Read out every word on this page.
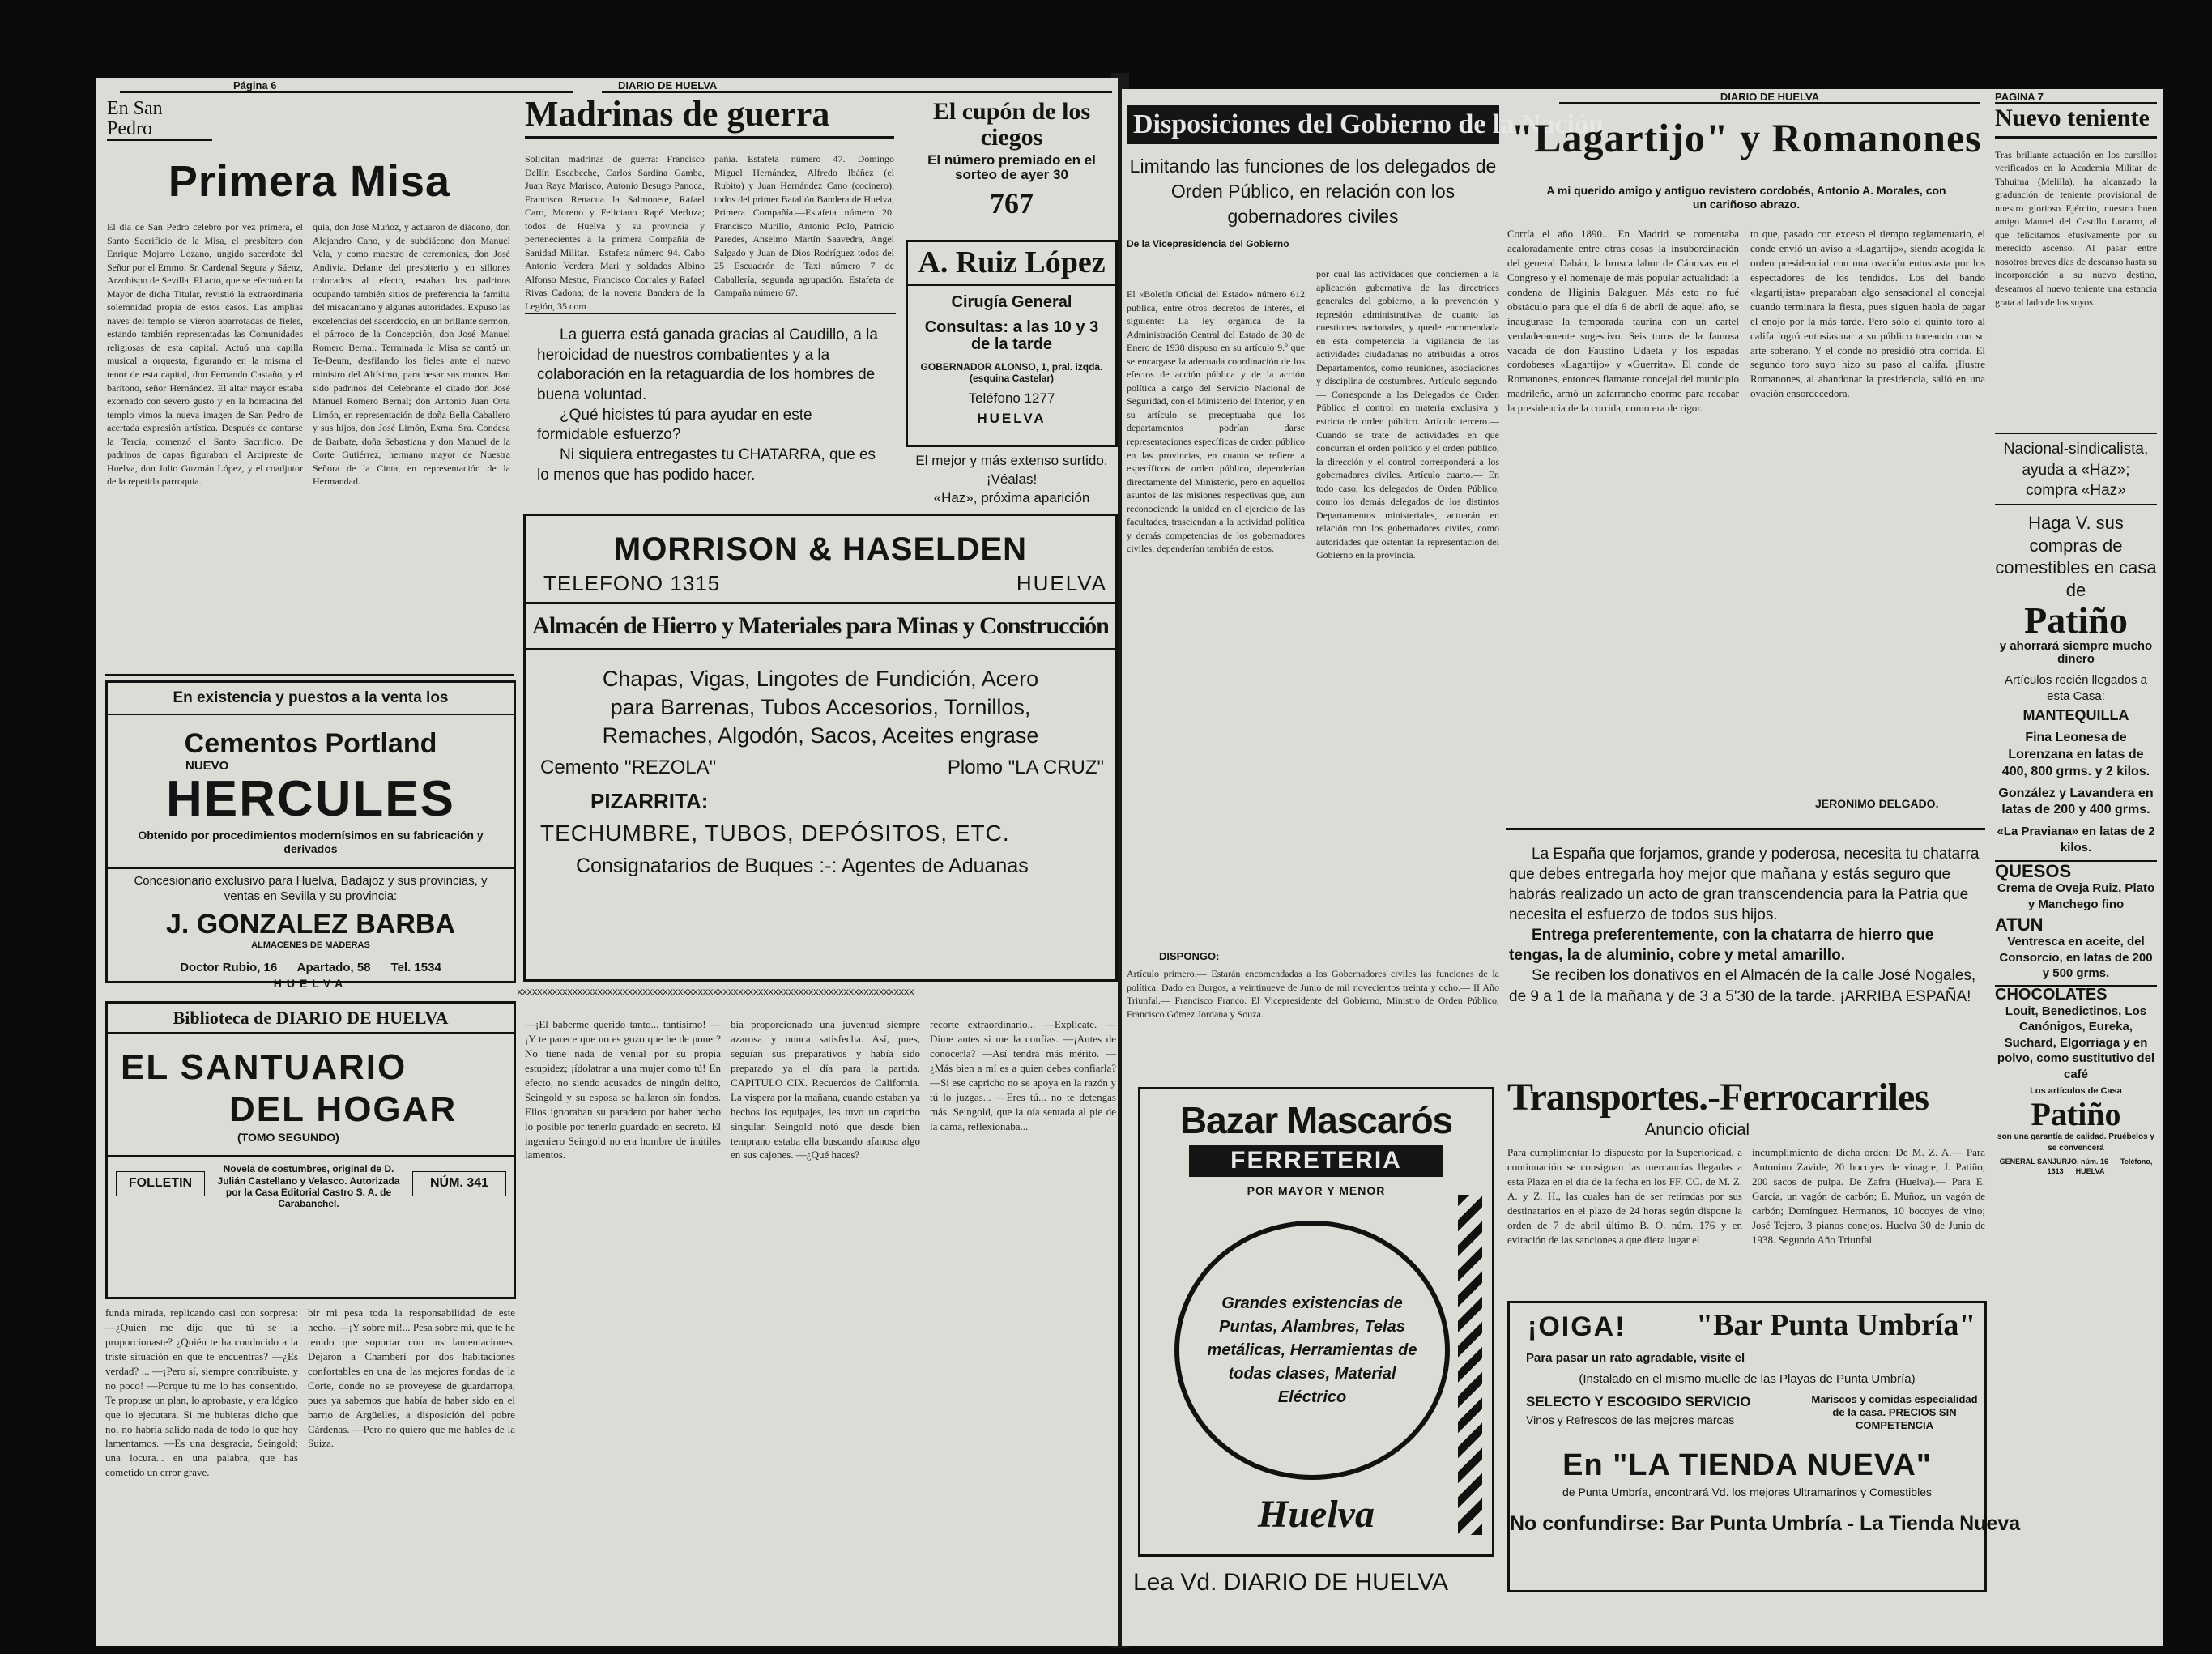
Página 6	DIARIO DE HUELVA
En San Pedro
Primera Misa
El día de San Pedro celebró por vez primera, el Santo Sacrificio de la Misa, el presbítero don Enrique Mojarro Lozano, ungido sacerdote del Señor por el Emmo. Sr. Cardenal Segura y Sáenz, Arzobispo de Sevilla. El acto, que se efectuó en la Mayor de dicha Titular, revistió la extraordinaria solemnidad propia de estos casos. Las amplias naves del templo se vieron abarrotadas de fieles, estando también representadas las Comunidades religiosas de esta capital. Actuó una capilla musical a orquesta, figurando en la misma el tenor de esta capital, don Fernando Castaño, y el barítono, señor Hernández. El altar mayor estaba exornado con severo gusto y en la hornacina del templo vimos la nueva imagen de San Pedro de acertada expresión artística. Después de cantarse la Tercia, comenzó el Santo Sacrificio. De padrinos de capas figuraban el Arcipreste de Huelva, don Julio Guzmán López, y el coadjutor de la repetida parroquia.
quia, don José Muñoz, y actuaron de diácono, don Alejandro Cano, y de subdiácono don Manuel Vela, y como maestro de ceremonias, don José Andivia. Delante del presbiterio y en sillones colocados al efecto, estaban los padrinos ocupando también sitios de preferencia la familia del misacantano y algunas autoridades. Expuso las excelencias del sacerdocio, en un brillante sermón, el párroco de la Concepción, don José Manuel Romero Bernal. Terminada la Misa se cantó un Te-Deum, desfilando los fieles ante el nuevo ministro del Altísimo, para besar sus manos. Han sido padrinos del Celebrante el citado don José Manuel Romero Bernal; don Antonio Juan Orta Limón, en representación de doña Bella Caballero y sus hijos, don José Limón, Exma. Sra. Condesa de Barbate, doña Sebastiana y don Manuel de la Corte Gutiérrez, hermano mayor de Nuestra Señora de la Cinta, en representación de la Hermandad.
En existencia y puestos a la venta los
Cementos Portland
NUEVO
HERCULES
Obtenido por procedimientos modernísimos en su fabricación y derivados
Concesionario exclusivo para Huelva, Badajoz y sus provincias, y ventas en Sevilla y su provincia:
J. GONZALEZ BARBA
ALMACENES DE MADERAS
Doctor Rubio, 16      Apartado, 58      Tel. 1534
HUELVA
Madrinas de guerra
Solicitan madrinas de guerra: Francisco Dellín Escabeche, Carlos Sardina Gamba, Juan Raya Marisco, Antonio Besugo Panoca, Francisco Renacua la Salmonete, Rafael Caro, Moreno y Feliciano Rapé Merluza; todos de Huelva y su provincia y pertenecientes a la primera Compañía de Sanidad Militar.—Estafeta número 94. Cabo Antonio Verdera Mari y soldados Albino Alfonso Mestre, Francisco Corrales y Rafael Rivas Cadona; de la novena Bandera de la Legión, 35 com
pañía.—Estafeta número 47. Domingo Miguel Hernández, Alfredo Ibáñez (el Rubito) y Juan Hernández Cano (cocinero), todos del primer Batallón Bandera de Huelva, Primera Compañía.—Estafeta número 20. Francisco Murillo, Antonio Polo, Patricio Paredes, Anselmo Martín Saavedra, Angel Salgado y Juan de Dios Rodríguez todos del 25 Escuadrón de Taxi número 7 de Caballería, segunda agrupación. Estafeta de Campaña número 67.

La guerra está ganada gracias al Caudillo, a la heroicidad de nuestros combatientes y a la colaboración en la retaguardia de los hombres de buena voluntad.

¿Qué hicistes tú para ayudar en este formidable esfuerzo?

Ni siquiera entregastes tu CHATARRA, que es lo menos que has podido hacer.

El cupón de los ciegos
El número premiado en el sorteo de ayer 30
767
A. Ruiz López
Cirugía General
Consultas: a las 10 y 3 de la tarde
GOBERNADOR ALONSO, 1, pral. izqda. (esquina Castelar)
Teléfono 1277
HUELVA

El mejor y más extenso surtido. ¡Véalas!

«Haz», próxima aparición

MORRISON & HASELDEN
TELEFONO 1315	HUELVA
Almacén de Hierro y Materiales para Minas y Construcción
Chapas, Vigas, Lingotes de Fundición, Acero para Barrenas, Tubos Accesorios, Tornillos, Remaches, Algodón, Sacos, Aceites engrase
Cemento "REZOLA"	Plomo "LA CRUZ"
PIZARRITA:
TECHUMBRE, TUBOS, DEPÓSITOS, ETC.
Consignatarios de Buques :-: Agentes de Aduanas
xxxxxxxxxxxxxxxxxxxxxxxxxxxxxxxxxxxxxxxxxxxxxxxxxxxxxxxxxxxxxxxxxxxxxxxxxxxxxxx
Biblioteca de DIARIO DE HUELVA
EL SANTUARIO
DEL HOGAR
(TOMO SEGUNDO)
FOLLETIN
Novela de costumbres, original de D. Julián Castellano y Velasco. Autorizada por la Casa Editorial Castro S. A. de Carabanchel.
NÚM. 341
funda mirada, replicando casi con sorpresa: —¿Quién me dijo que tú se la proporcionaste? ¿Quién te ha conducido a la triste situación en que te encuentras? —¿Es verdad? ... —¡Pero sí, siempre contribuiste, y no poco! —Porque tú me lo has consentido. Te propuse un plan, lo aprobaste, y era lógico que lo ejecutara. Si me hubieras dicho que no, no habría salido nada de todo lo que hoy lamentamos. —Es una desgracia, Seingold; una locura... en una palabra, que has cometido un error grave.
bir mi pesa toda la responsabilidad de este hecho. —¡Y sobre mí!... Pesa sobre mí, que te he tenido que soportar con tus lamentaciones. Dejaron a Chamberí por dos habitaciones confortables en una de las mejores fondas de la Corte, donde no se proveyese de guardarropa, pues ya sabemos que había de haber sido en el barrio de Argüelles, a disposición del pobre Cárdenas. —Pero no quiero que me hables de la Suiza.
—¡El baberme querido tanto... tantísimo! —¡Y te parece que no es gozo que he de poner? No tiene nada de venial por su propia estupidez; ¡ídolatrar a una mujer como tú! En efecto, no siendo acusados de ningún delito, Seingold y su esposa se hallaron sin fondos. Ellos ignoraban su paradero por haber hecho lo posible por tenerlo guardado en secreto. El ingeniero Seingold no era hombre de inútiles lamentos.
bía proporcionado una juventud siempre azarosa y nunca satisfecha. Así, pues, seguían sus preparativos y había sido preparado ya el día para la partida. CAPITULO CIX. Recuerdos de California. La víspera por la mañana, cuando estaban ya hechos los equipajes, les tuvo un capricho singular. Seingold notó que desde bien temprano estaba ella buscando afanosa algo en sus cajones. —¿Qué haces?
recorte extraordinario... —Explícate. —Dime antes si me la confías. —¡Antes de conocerla? —Así tendrá más mérito. —¿Más bien a mí es a quien debes confiarla? —Si ese capricho no se apoya en la razón y tú lo juzgas... —Eres tú... no te detengas más. Seingold, que la oía sentada al pie de la cama, reflexionaba...
DIARIO DE HUELVA	PAGINA 7
Disposiciones del Gobierno de la Nación
Limitando las funciones de los delegados de Orden Público, en relación con los gobernadores civiles
De la Vicepresidencia del Gobierno
El «Boletín Oficial del Estado» número 612 publica, entre otros decretos de interés, el siguiente: La ley orgánica de la Administración Central del Estado de 30 de Enero de 1938 dispuso en su artículo 9.º que se encargase la adecuada coordinación de los efectos de acción pública y de la acción política a cargo del Servicio Nacional de Seguridad, con el Ministerio del Interior, y en su artículo se preceptuaba que los departamentos podrían darse representaciones específicas de orden público en las provincias, en cuanto se refiere a específicos de orden público, dependerían directamente del Ministerio, pero en aquellos asuntos de las misiones respectivas que, aun reconociendo la unidad en el ejercicio de las facultades, trasciendan a la actividad política y demás competencias de los gobernadores civiles, dependerían también de estos.
por cuál las actividades que conciernen a la aplicación gubernativa de las directrices generales del gobierno, a la prevención y represión administrativas de cuanto las cuestiones nacionales, y quede encomendada en esta competencia la vigilancia de las actividades ciudadanas no atribuidas a otros Departamentos, como reuniones, asociaciones y disciplina de costumbres. Artículo segundo.— Corresponde a los Delegados de Orden Público el control en materia exclusiva y estricta de orden público. Artículo tercero.— Cuando se trate de actividades en que concurran el orden político y el orden público, la dirección y el control corresponderá a los gobernadores civiles. Artículo cuarto.— En todo caso, los delegados de Orden Público, como los demás delegados de los distintos Departamentos ministeriales, actuarán en relación con los gobernadores civiles, como autoridades que ostentan la representación del Gobierno en la provincia.
DISPONGO:
Artículo primero.— Estarán encomendadas a los Gobernadores civiles las funciones de la política. Dado en Burgos, a veintinueve de Junio de mil novecientos treinta y ocho.— II Año Triunfal.— Francisco Franco. El Vicepresidente del Gobierno, Ministro de Orden Público, Francisco Gómez Jordana y Souza.
"Lagartijo" y Romanones
A mi querido amigo y antiguo revistero cordobés, Antonio A. Morales, con un cariñoso abrazo.
Corría el año 1890... En Madrid se comentaba acaloradamente entre otras cosas la insubordinación del general Dabán, la brusca labor de Cánovas en el Congreso y el homenaje de más popular actualidad: la condena de Higinia Balaguer. Más esto no fué obstáculo para que el día 6 de abril de aquel año, se inaugurase la temporada taurina con un cartel verdaderamente sugestivo. Seis toros de la famosa vacada de don Faustino Udaeta y los espadas cordobeses «Lagartijo» y «Guerrita». El conde de Romanones, entonces flamante concejal del municipio madrileño, armó un zafarrancho enorme para recabar la presidencia de la corrida, como era de rigor.
to que, pasado con exceso el tiempo reglamentario, el conde envió un aviso a «Lagartijo», siendo acogida la orden presidencial con una ovación entusiasta por los espectadores de los tendidos. Los del bando «lagartijista» preparaban algo sensacional al concejal cuando terminara la fiesta, pues siguen habla de pagar el enojo por la más tarde. Pero sólo el quinto toro al califa logró entusiasmar a su público toreando con su arte soberano. Y el conde no presidió otra corrida. El segundo toro suyo hizo su paso al califa. ¡Ilustre Romanones, al abandonar la presidencia, salió en una ovación ensordecedora.
JERONIMO DELGADO.

La España que forjamos, grande y poderosa, necesita tu chatarra que debes entregarla hoy mejor que mañana y estás seguro que habrás realizado un acto de gran transcendencia para la Patria que necesita el esfuerzo de todos sus hijos.

Entrega preferentemente, con la chatarra de hierro que tengas, la de aluminio, cobre y metal amarillo.

Se reciben los donativos en el Almacén de la calle José Nogales, de 9 a 1 de la mañana y de 3 a 5'30 de la tarde. ¡ARRIBA ESPAÑA!

Nuevo teniente
Tras brillante actuación en los cursillos verificados en la Academia Militar de Tahuima (Melilla), ha alcanzado la graduación de teniente provisional de nuestro glorioso Ejército, nuestro buen amigo Manuel del Castillo Lucarro, al que felicitamos efusivamente por su merecido ascenso. Al pasar entre nosotros breves días de descanso hasta su incorporación a su nuevo destino, deseamos al nuevo teniente una estancia grata al lado de los suyos.
Nacional-sindicalista, ayuda a «Haz»; compra «Haz»
Haga V. sus compras de comestibles en casa de
Patiño
y ahorrará siempre mucho dinero
Artículos recién llegados a esta Casa:
MANTEQUILLA
Fina Leonesa de Lorenzana en latas de 400, 800 grms. y 2 kilos.
González y Lavandera en latas de 200 y 400 grms.
«La Pravianа» en latas de 2 kilos.
QUESOS
Crema de Oveja Ruiz, Plato y Manchego fino
ATUN
Ventresca en aceite, del Consorcio, en latas de 200 y 500 grms.
CHOCOLATES
Louit, Benedictinos, Los Canónigos, Eureka, Suchard, Elgorriaga y en polvo, como sustitutivo del café
Los artículos de Casa
Patiño
son una garantía de calidad. Pruébelos y se convencerá
GENERAL SANJURJO, núm. 16      Teléfono, 1313      HUELVA
Bazar Mascarós
FERRETERIA
POR MAYOR Y MENOR
Grandes existencias de Puntas, Alambres, Telas metálicas, Herramientas de todas clases, Material Eléctrico
Huelva
Lea Vd. DIARIO DE HUELVA
Transportes.-Ferrocarriles
Anuncio oficial
Para cumplimentar lo dispuesto por la Superioridad, a continuación se consignan las mercancías llegadas a esta Plaza en el día de la fecha en los FF. CC. de M. Z. A. y Z. H., las cuales han de ser retiradas por sus destinatarios en el plazo de 24 horas según dispone la orden de 7 de abril último B. O. núm. 176 y en evitación de las sanciones a que diera lugar el
incumplimiento de dicha orden: De M. Z. A.— Para Antonino Zavide, 20 bocoyes de vinagre; J. Patiño, 200 sacos de pulpa. De Zafra (Huelva).— Para E. García, un vagón de carbón; E. Muñoz, un vagón de carbón; Domínguez Hermanos, 10 bocoyes de vino; José Tejero, 3 pianos conejos. Huelva 30 de Junio de 1938. Segundo Año Triunfal.
¡OIGA! "Bar Punta Umbría"
Para pasar un rato agradable, visite el
(Instalado en el mismo muelle de las Playas de Punta Umbría)
SELECTO Y ESCOGIDO SERVICIO
Vinos y Refrescos de las mejores marcas
Mariscos y comidas especialidad de la casa. PRECIOS SIN COMPETENCIA
En "LA TIENDA NUEVA"
de Punta Umbría, encontrará Vd. los mejores Ultramarinos y Comestibles
No confundirse: Bar Punta Umbría - La Tienda Nueva
